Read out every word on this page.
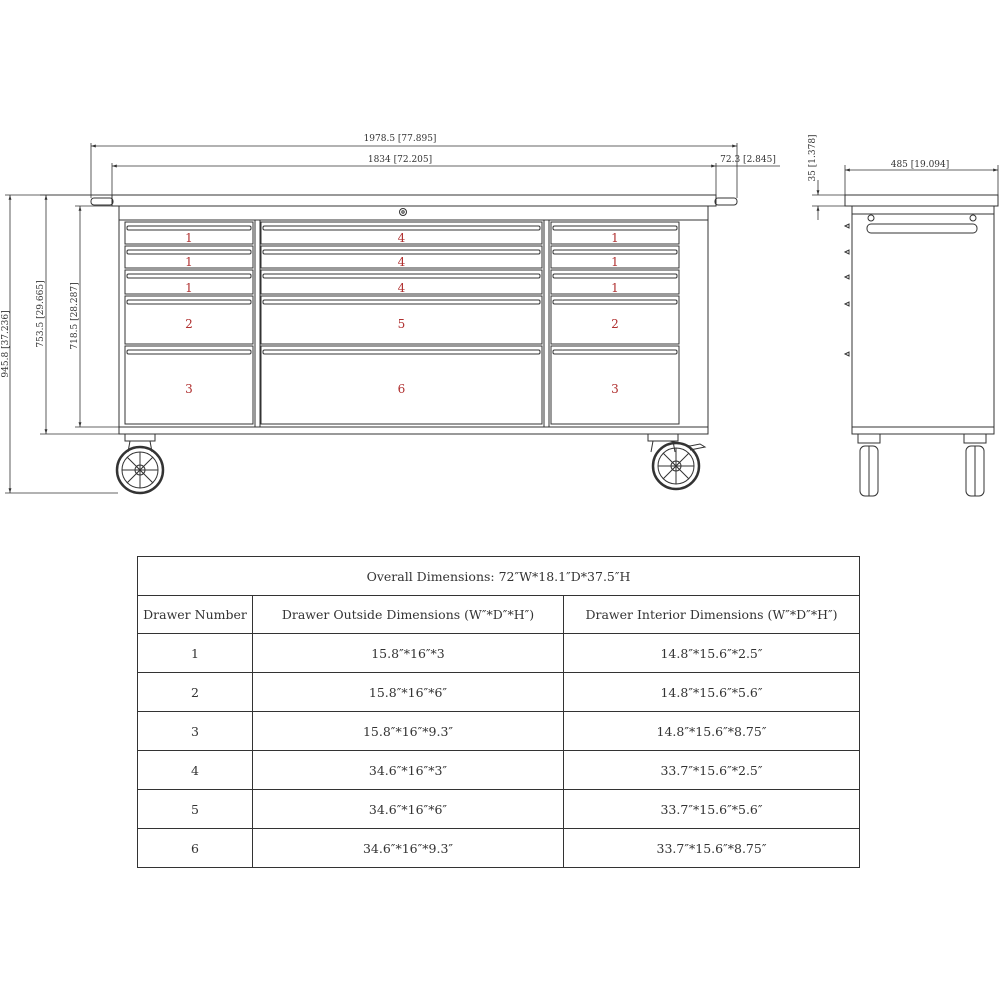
1
1
1
2
3
4
4
4
5
6
1
1
1
2
3
1978.5 [77.895]
1834 [72.205]	72.3 [2.845]
945.8 [37.236]	753.5 [29.665]	718.5 [28.287]
485 [19.094]
35 [1.378]
Overall Dimensions: 72″W*18.1″D*37.5″H		
Drawer Number	Drawer Outside Dimensions (W″*D″*H″)	Drawer Interior Dimensions (W″*D″*H″)
1	15.8″*16″*3	14.8″*15.6″*2.5″
2	15.8″*16″*6″	14.8″*15.6″*5.6″
3	15.8″*16″*9.3″	14.8″*15.6″*8.75″
4	34.6″*16″*3″	33.7″*15.6″*2.5″
5	34.6″*16″*6″	33.7″*15.6″*5.6″
6	34.6″*16″*9.3″	33.7″*15.6″*8.75″
